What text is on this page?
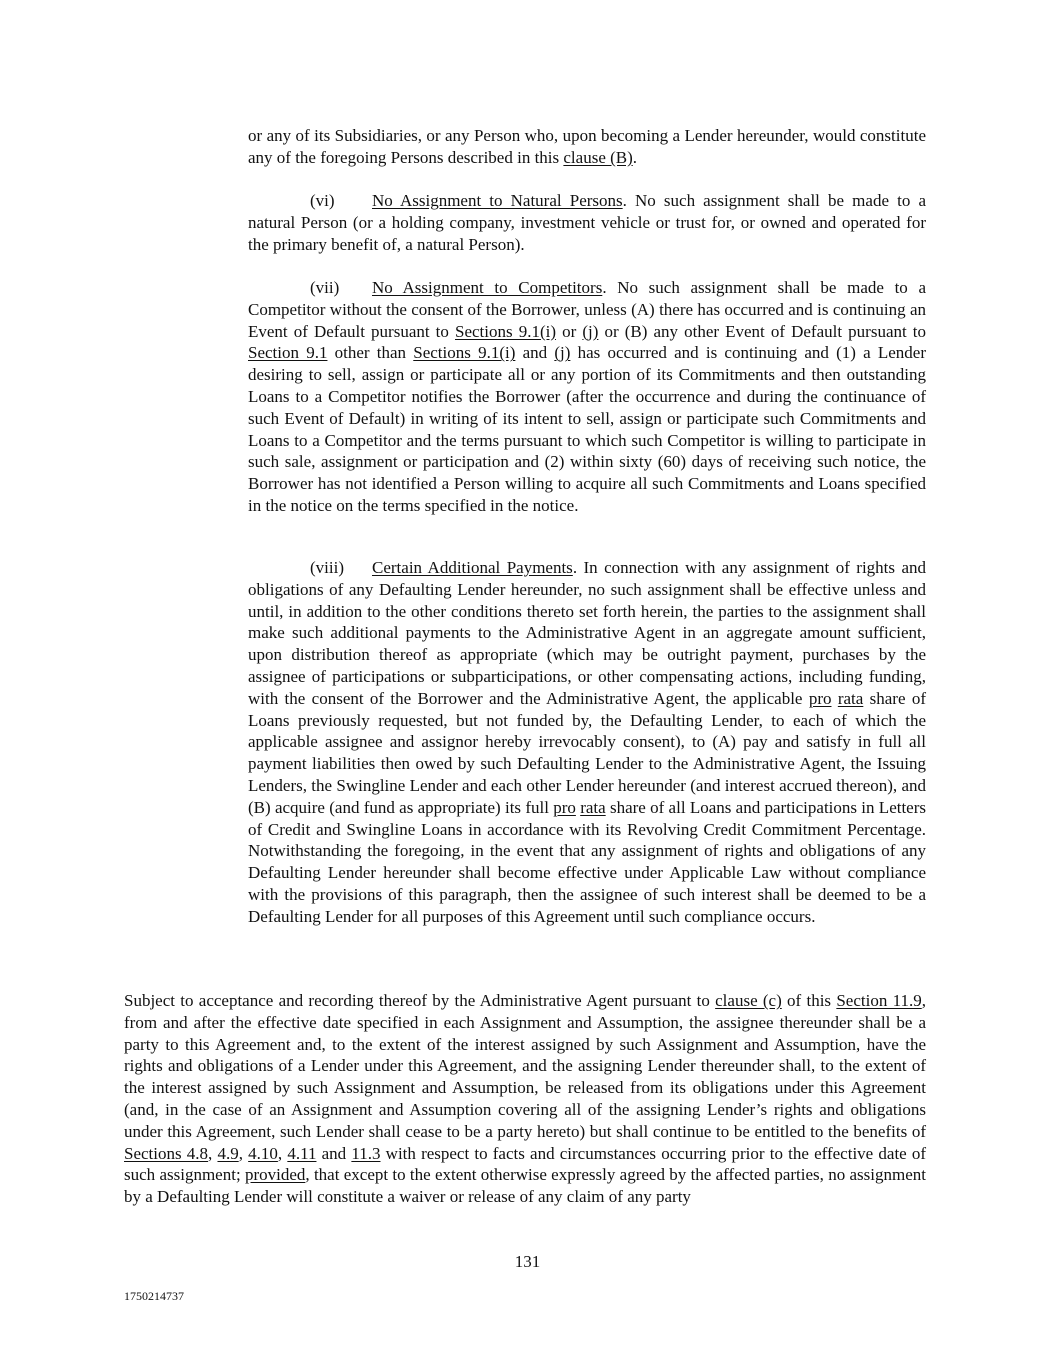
or any of its Subsidiaries, or any Person who, upon becoming a Lender hereunder, would constitute any of the foregoing Persons described in this clause (B).

(vi) No Assignment to Natural Persons. No such assignment shall be made to a natural Person (or a holding company, investment vehicle or trust for, or owned and operated for the primary benefit of, a natural Person).

(vii) No Assignment to Competitors. No such assignment shall be made to a Competitor without the consent of the Borrower, unless (A) there has occurred and is continuing an Event of Default pursuant to Sections 9.1(i) or (j) or (B) any other Event of Default pursuant to Section 9.1 other than Sections 9.1(i) and (j) has occurred and is continuing and (1) a Lender desiring to sell, assign or participate all or any portion of its Commitments and then outstanding Loans to a Competitor notifies the Borrower (after the occurrence and during the continuance of such Event of Default) in writing of its intent to sell, assign or participate such Commitments and Loans to a Competitor and the terms pursuant to which such Competitor is willing to participate in such sale, assignment or participation and (2) within sixty (60) days of receiving such notice, the Borrower has not identified a Person willing to acquire all such Commitments and Loans specified in the notice on the terms specified in the notice.

(viii) Certain Additional Payments. In connection with any assignment of rights and obligations of any Defaulting Lender hereunder, no such assignment shall be effective unless and until, in addition to the other conditions thereto set forth herein, the parties to the assignment shall make such additional payments to the Administrative Agent in an aggregate amount sufficient, upon distribution thereof as appropriate (which may be outright payment, purchases by the assignee of participations or subparticipations, or other compensating actions, including funding, with the consent of the Borrower and the Administrative Agent, the applicable pro rata share of Loans previously requested, but not funded by, the Defaulting Lender, to each of which the applicable assignee and assignor hereby irrevocably consent), to (A) pay and satisfy in full all payment liabilities then owed by such Defaulting Lender to the Administrative Agent, the Issuing Lenders, the Swingline Lender and each other Lender hereunder (and interest accrued thereon), and (B) acquire (and fund as appropriate) its full pro rata share of all Loans and participations in Letters of Credit and Swingline Loans in accordance with its Revolving Credit Commitment Percentage. Notwithstanding the foregoing, in the event that any assignment of rights and obligations of any Defaulting Lender hereunder shall become effective under Applicable Law without compliance with the provisions of this paragraph, then the assignee of such interest shall be deemed to be a Defaulting Lender for all purposes of this Agreement until such compliance occurs.

Subject to acceptance and recording thereof by the Administrative Agent pursuant to clause (c) of this Section 11.9, from and after the effective date specified in each Assignment and Assumption, the assignee thereunder shall be a party to this Agreement and, to the extent of the interest assigned by such Assignment and Assumption, have the rights and obligations of a Lender under this Agreement, and the assigning Lender thereunder shall, to the extent of the interest assigned by such Assignment and Assumption, be released from its obligations under this Agreement (and, in the case of an Assignment and Assumption covering all of the assigning Lender’s rights and obligations under this Agreement, such Lender shall cease to be a party hereto) but shall continue to be entitled to the benefits of Sections 4.8, 4.9, 4.10, 4.11 and 11.3 with respect to facts and circumstances occurring prior to the effective date of such assignment; provided, that except to the extent otherwise expressly agreed by the affected parties, no assignment by a Defaulting Lender will constitute a waiver or release of any claim of any party

131
1750214737
